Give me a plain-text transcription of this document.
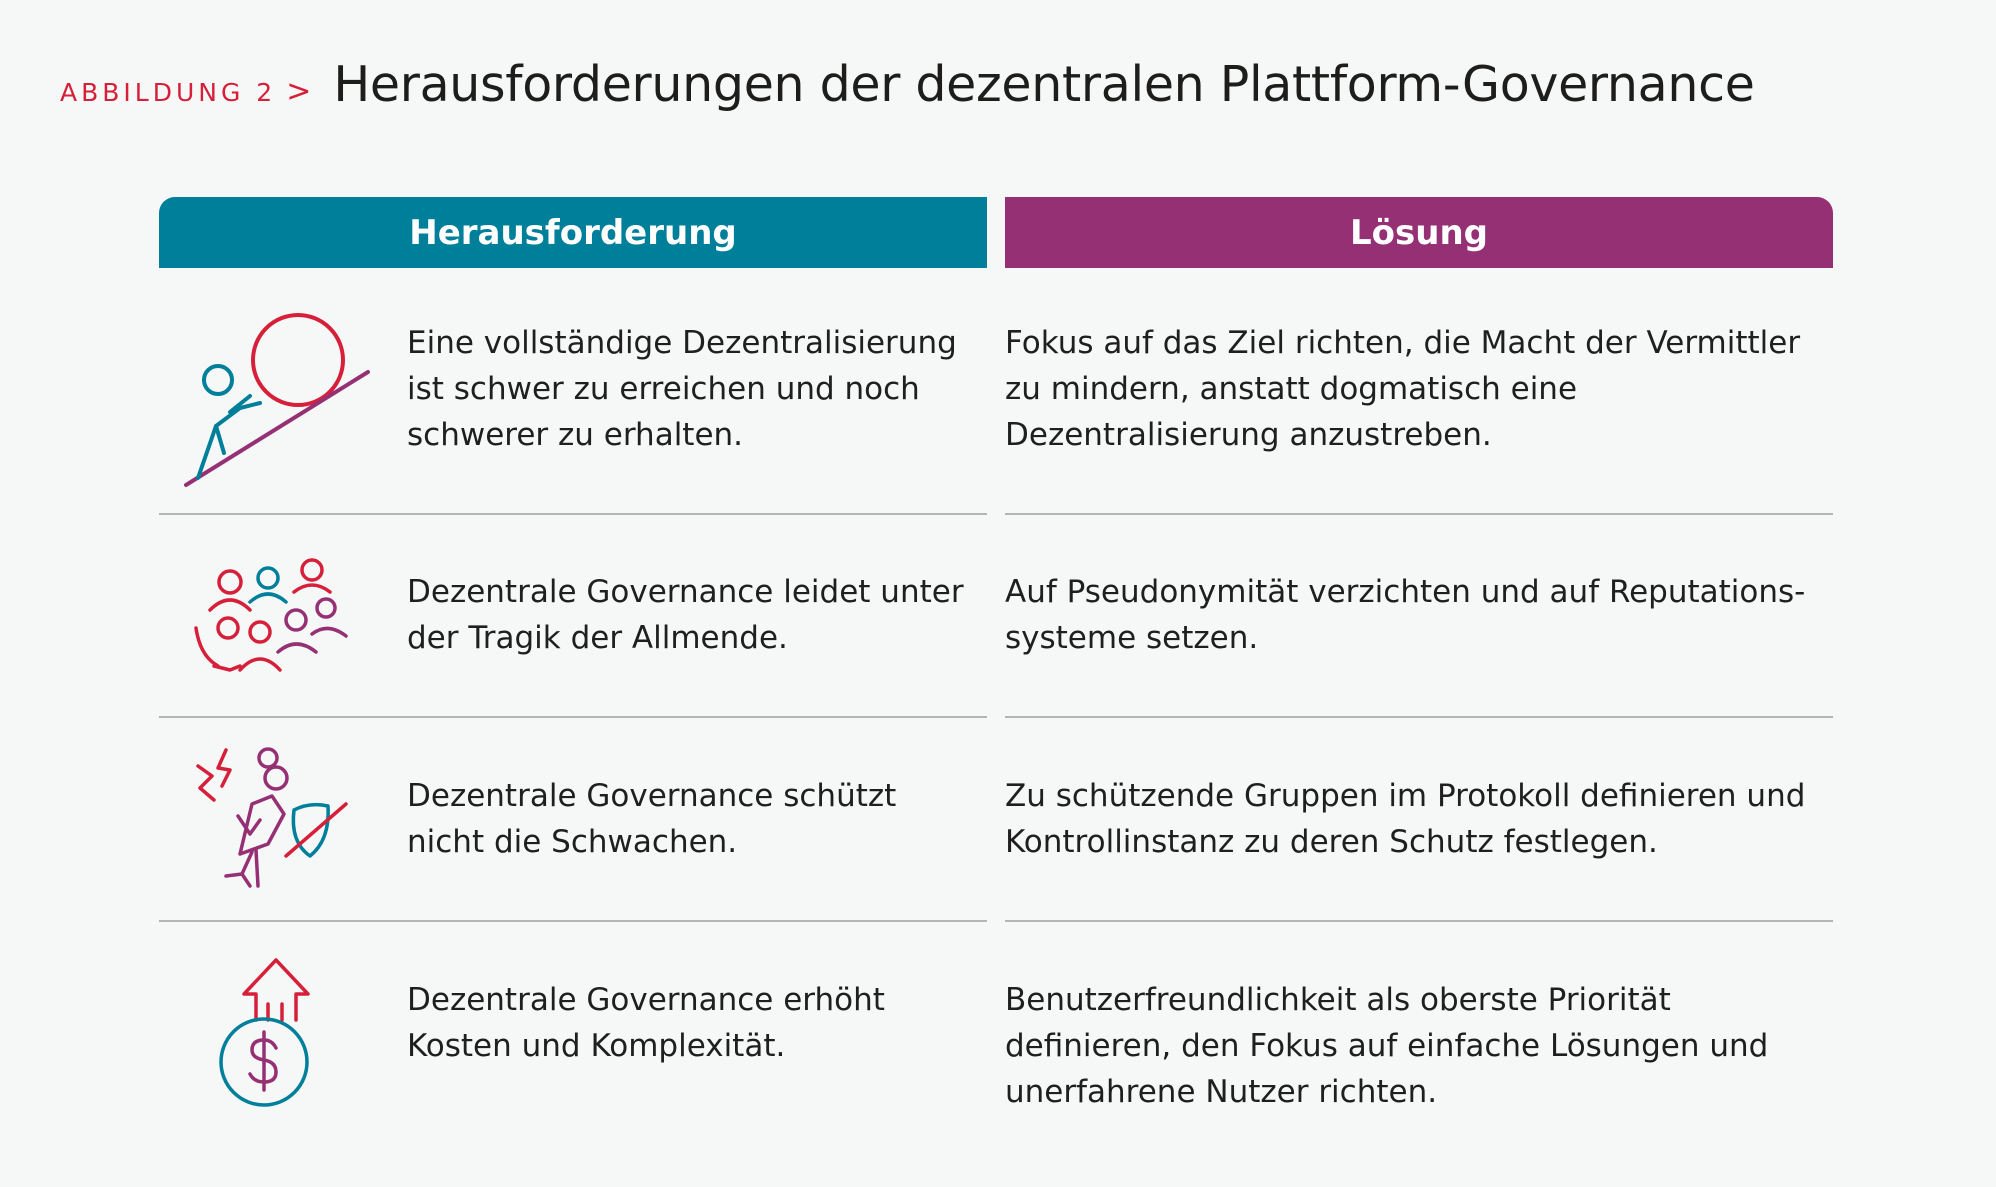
ABBILDUNG 2 > Herausforderungen der dezentralen Plattform-Governance
Herausforderung	Lösung
Eine vollständige Dezentralisierung ist schwer zu erreichen und noch schwerer zu erhalten.
Fokus auf das Ziel richten, die Macht der Vermittler zu mindern, anstatt dogmatisch eine Dezentralisierung anzustreben.
Dezentrale Governance leidet unter der Tragik der Allmende.
Auf Pseudonymität verzichten und auf Reputations-systeme setzen.
Dezentrale Governance schützt nicht die Schwachen.
Zu schützende Gruppen im Protokoll definieren und Kontrollinstanz zu deren Schutz festlegen.
Dezentrale Governance erhöht Kosten und Komplexität.
Benutzerfreundlichkeit als oberste Priorität definieren, den Fokus auf einfache Lösungen und unerfahrene Nutzer richten.
